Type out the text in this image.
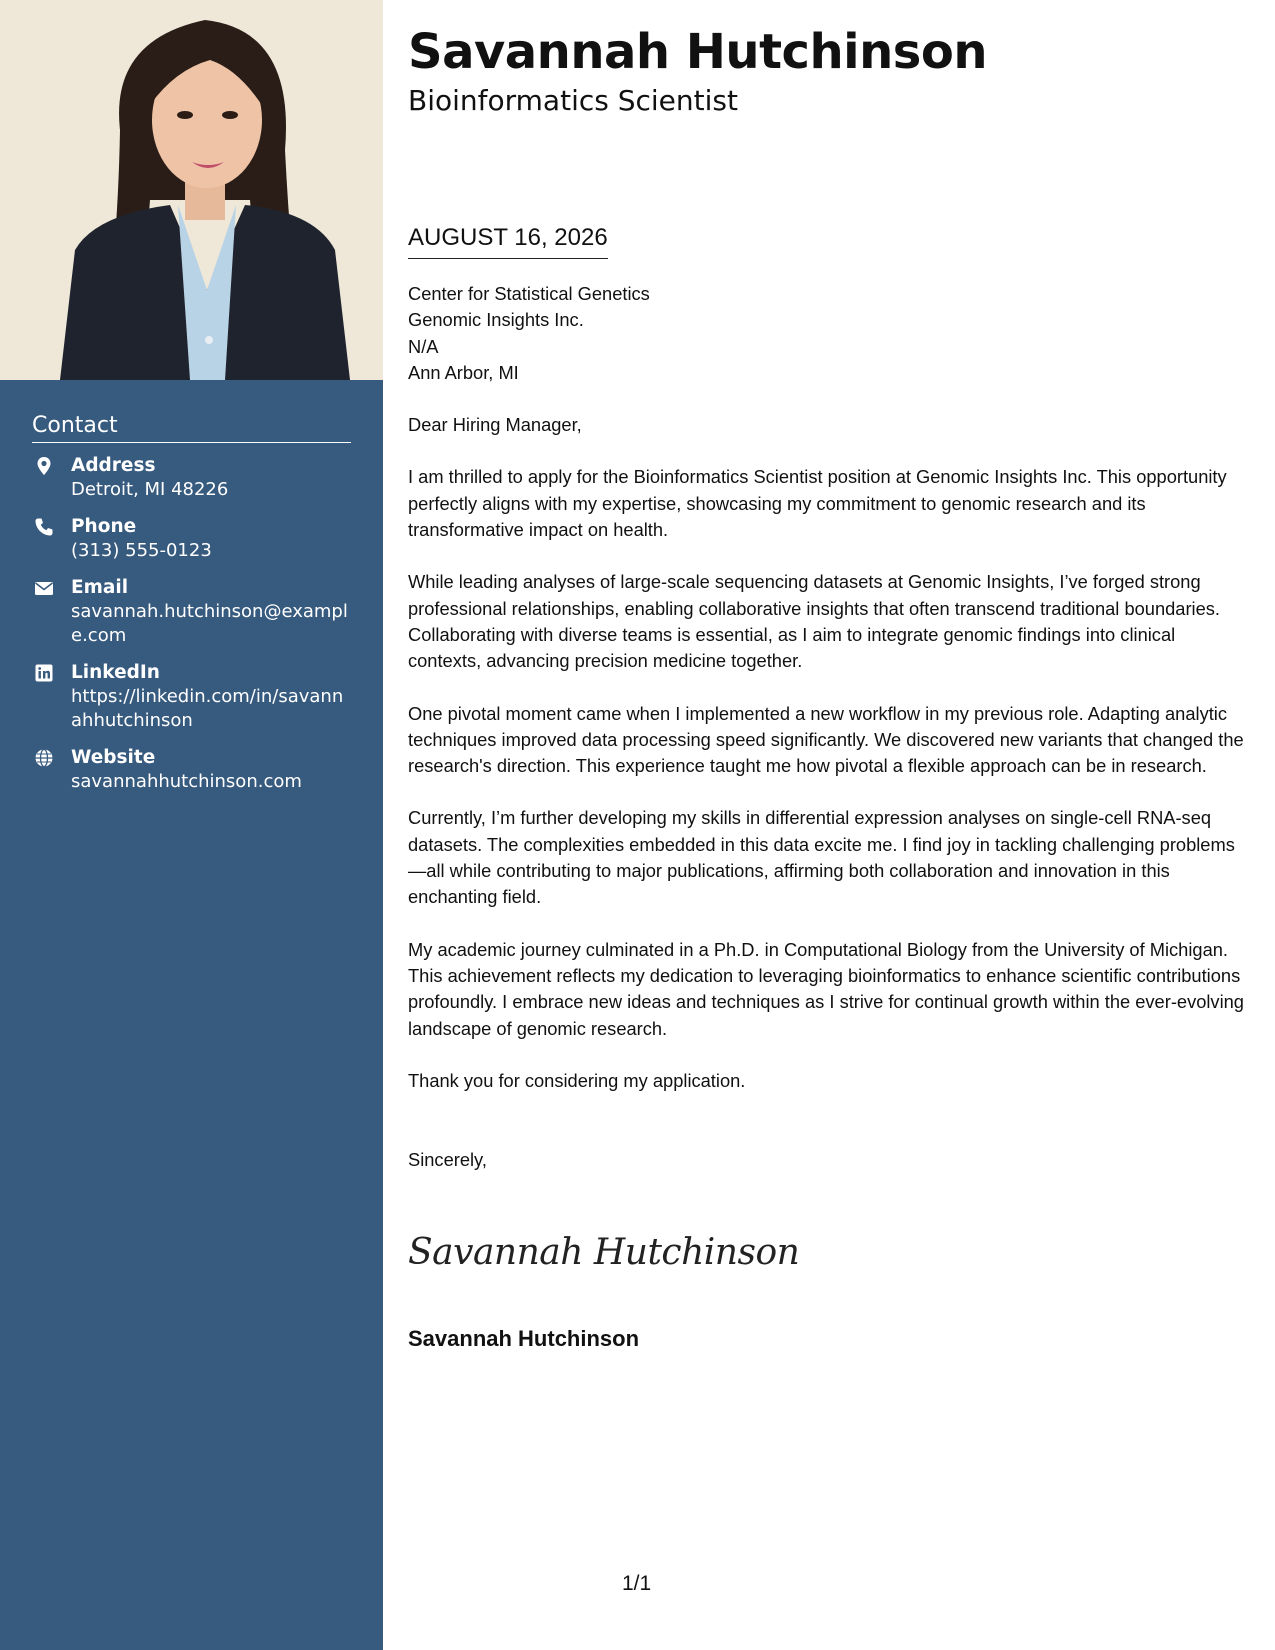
Contact
Address
Detroit, MI 48226
Phone
(313) 555-0123
Email
savannah.hutchinson@example.com
LinkedIn
https://linkedin.com/in/savannahhutchinson
Website
savannahhutchinson.com
Savannah Hutchinson
Bioinformatics Scientist
AUGUST 16, 2026
Center for Statistical Genetics
Genomic Insights Inc.
N/A
Ann Arbor, MI

Dear Hiring Manager,

I am thrilled to apply for the Bioinformatics Scientist position at Genomic Insights Inc. This opportunity perfectly aligns with my expertise, showcasing my commitment to genomic research and its transformative impact on health.

While leading analyses of large-scale sequencing datasets at Genomic Insights, I’ve forged strong professional relationships, enabling collaborative insights that often transcend traditional boundaries. Collaborating with diverse teams is essential, as I aim to integrate genomic findings into clinical contexts, advancing precision medicine together.

One pivotal moment came when I implemented a new workflow in my previous role. Adapting analytic techniques improved data processing speed significantly. We discovered new variants that changed the research's direction. This experience taught me how pivotal a flexible approach can be in research.

Currently, I’m further developing my skills in differential expression analyses on single-cell RNA-seq datasets. The complexities embedded in this data excite me. I find joy in tackling challenging problems—all while contributing to major publications, affirming both collaboration and innovation in this enchanting field.

My academic journey culminated in a Ph.D. in Computational Biology from the University of Michigan. This achievement reflects my dedication to leveraging bioinformatics to enhance scientific contributions profoundly. I embrace new ideas and techniques as I strive for continual growth within the ever-evolving landscape of genomic research.

Thank you for considering my application.

Sincerely,

Savannah Hutchinson
Savannah Hutchinson
1/1
